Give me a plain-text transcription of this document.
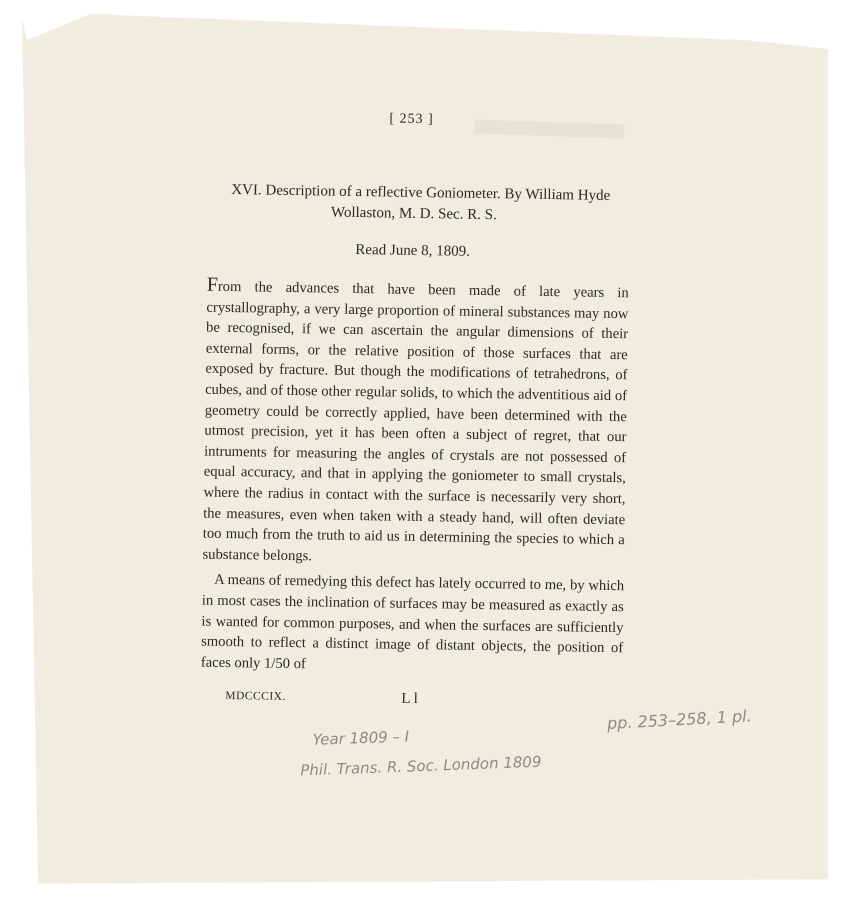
[ 253 ]
XVI. Description of a reflective Goniometer. By William Hyde
Wollaston, M. D. Sec. R. S.
Read June 8, 1809.

From the advances that have been made of late years in crystallography, a very large proportion of mineral substances may now be recognised, if we can ascertain the angular dimensions of their external forms, or the relative position of those surfaces that are exposed by fracture. But though the modifications of tetrahedrons, of cubes, and of those other regular solids, to which the adventitious aid of geometry could be correctly applied, have been determined with the utmost precision, yet it has been often a subject of regret, that our intruments for measuring the angles of crystals are not possessed of equal accuracy, and that in applying the goniometer to small crystals, where the radius in contact with the surface is necessarily very short, the measures, even when taken with a steady hand, will often deviate too much from the truth to aid us in determining the species to which a substance belongs.

A means of remedying this defect has lately occurred to me, by which in most cases the inclination of surfaces may be measured as exactly as is wanted for common purposes, and when the surfaces are sufficiently smooth to reflect a distinct image of distant objects, the position of faces only 1/50 of

MDCCCIX.	L l
pp. 253–258, 1 pl.
Year 1809 – I
Phil. Trans. R. Soc. London 1809
